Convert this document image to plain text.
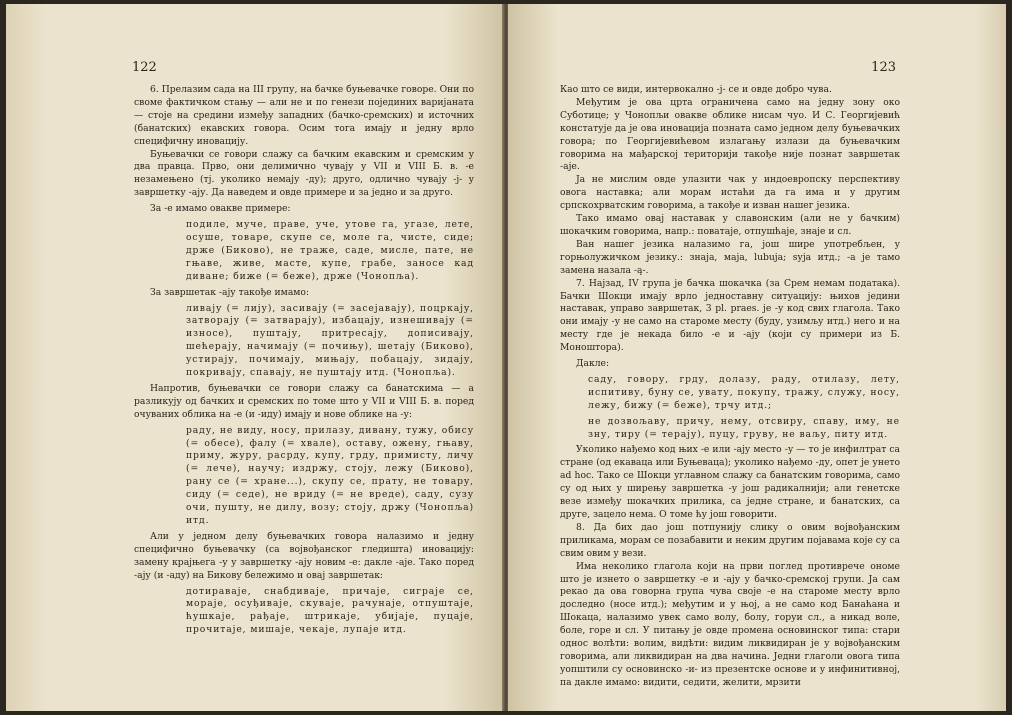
122

6. Прелазим сада на III групу, на бачке буњевачке говоре. Они по своме фактичком стању — али не и по генези појединих варијаната — стоје на средини између западних (бачко-сремских) и источних (банатских) екавских говора. Осим тога имају и једну врло специфичну иновацију.

Буњевачки се говори слажу са бачким екавским и сремским у два правца. Прво, они делимично чувају у VII и VIII Б. в. -е незамењено (тј. уколико немају -ду); друго, одлично чувају -ј- у завршетку -ају. Да наведем и овде примере и за једно и за друго.

За -е имамо овакве примере:

подиле, муче, праве, уче, утове га, угазе, лете, осуше, товаре, скупе се, моле га, чисте, сиде; држе (Биково), не траже, саде, мисле, пате, не гњаве, живе, масте, купе, грабе, заносе кад диване; биже (= беже), држе (Чонопља).

За завршетак -ају такође имамо:

ливају (= лију), засивају (= засејавају), поцркају, затворају (= затварају), избацају, изнешивају (= износе), пуштају, притресају, дописивају, шећерају, начимају (= почињу), шетају (Биково), устирају, почимају, мињају, побацају, зидају, покривају, спавају, не пуштају итд. (Чонопља).

Напротив, буњевачки се говори слажу са банатскима — а разликују од бачких и сремских по томе што у VII и VIII Б. в. поред очуваних облика на -е (и -иду) имају и нове облике на -у:

раду, не виду, носу, прилазу, дивану, тужу, обису (= обесе), фалу (= хвале), оставу, ожену, гњаву, приму, журу, расрду, купу, грду, примисту, личу (= лече), научу; издржу, стоју, лежу (Биково), рану се (= хране...), скупу се, прату, не товару, сиду (= седе), не вриду (= не вреде), саду, сузу очи, пушту, не дилу, возу; стоју, држу (Чонопља) итд.

Али у једном делу буњевачких говора налазимо и једну специфично буњевачку (са војвођанског гледишта) иновацију: замену крајњега -у у завршетку -ају новим -е: дакле -аје. Тако поред -ају (и -аду) на Бикову бележимо и овај завршетак:

дотираваје, снабдиваје, причаје, сиграје се, мораје, осуђиваје, скуваје, рачунаје, отпуштаје, ћушкаје, рађаје, штрикаје, убијаје, пуцаје, прочитаје, мишаје, чекаје, лупаје итд.

123

Као што се види, интервокално -ј- се и овде добро чува.

Међутим је ова црта ограничена само на једну зону око Суботице; у Чонопљи овакве облике нисам чуо. И С. Георгијевић констатује да је ова иновација позната само једном делу буњевачких говора; по Георгијевићевом излагању излази да буњевачким говорима на мађарској територији такође није познат завршетак -аје.

Ја не мислим овде улазити чак у индоевропску перспективу овога наставка; али морам истаћи да га има и у другим српскохрватским говорима, а такође и изван нашег језика.

Тако имамо овај наставак у славонским (али не у бачким) шокачким говорима, напр.: поватаје, отпушћаје, знаје и сл.

Ван нашег језика налазимо га, још шире употребљен, у горњолужичком језику.: знаја, маја, lubuja; sуја итд.; -а је тамо замена назала -ą-.

7. Најзад, IV група је бачка шокачка (за Срем немам података). Бачки Шокци имају врло једноставну ситуацију: њихов једини наставак, управо завршетак, 3 pl. praes. је -у код свих глагола. Тако они имају -у не само на староме месту (буду, узимљу итд.) него и на месту где је некада било -е и -ају (који су примери из Б. Моноштора).

Дакле:

саду, говору, грду, долазу, раду, отилазу, лету, испитиву, буну се, увату, покупу, тражу, служу, носу, лежу, бижу (= беже), трчу итд.;

не дозвољаву, причу, нему, отсвиру, спаву, иму, не зну, тиру (= терају), пуцу, груву, не ваљу, питу итд.

Уколико нађемо код њих -е или -ају место -у — то је инфилтрат са стране (од екаваца или Буњеваца); уколико нађемо -ду, опет је унето ad hoc. Тако се Шокци углавном слажу са банатским говорима, само су од њих у ширењу завршетка -у још радикалнији; али генетске везе између шокачких прилика, са једне стране, и банатских, са друге, зацело нема. О томе ћу још говорити.

8. Да бих дао још потпунију слику о овим војвођанским приликама, морам се позабавити и неким другим појавама које су са свим овим у вези.

Има неколико глагола који на први поглед противрече ономе што је изнето о завршетку -е и -ају у бачко-сремској групи. Ја сам рекао да ова говорна група чува своје -е на староме месту врло доследно (носе итд.); међутим и у њој, а не само код Банаћана и Шокаца, налазимо увек само волу, болу, горуи сл., а никад воле, боле, горе и сл. У питању је овде промена основинског типа: стари однос волѣти: волим, видѣти: видим ликвидиран је у војвођанским говорима, али ликвидиран на два начина. Једни глаголи овога типа уопштили су основинско -и- из презентске основе и у инфинитивној, па дакле имамо: видити, седити, желити, мрзити
